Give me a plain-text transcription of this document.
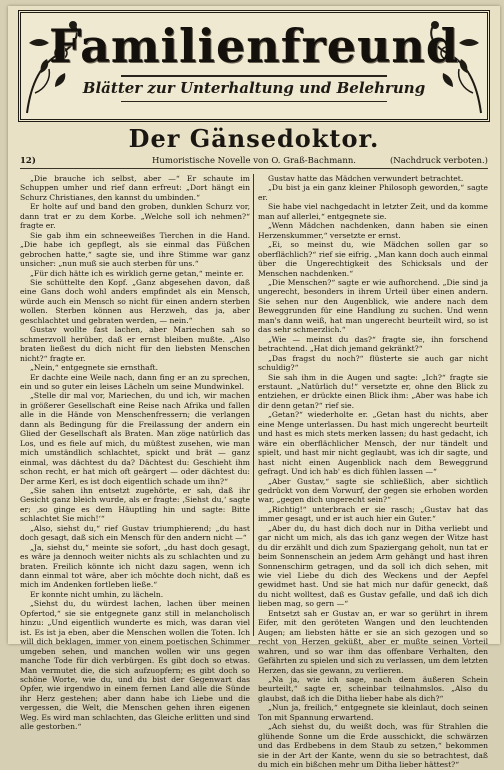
Familienfreund
Blätter zur Unterhaltung und Belehrung
Der Gänsedoktor.
12)	Humoristische Novelle von O. Graß-Bachmann.	(Nachdruck verboten.)

„Die brauche ich selbst, aber —“ Er schaute im Schuppen umher und rief dann erfreut: „Dort hängt ein Schurz Christianes, den kannst du umbinden.“

Er holte auf und band den groben, dunklen Schurz vor, dann trat er zu dem Korbe. „Welche soll ich nehmen?“ fragte er.

Sie gab ihm ein schneeweißes Tierchen in die Hand. „Die habe ich gepflegt, als sie einmal das Füßchen gebrochen hatte,“ sagte sie, und ihre Stimme war ganz unsicher: „nun muß sie auch sterben für uns.“

„Für dich hätte ich es wirklich gerne getan,“ meinte er.

Sie schüttelte den Kopf. „Ganz abgesehen davon, daß eine Gans doch wohl anders empfindet als ein Mensch, würde auch ein Mensch so nicht für einen andern sterben wollen. Sterben können aus Herzweh, das ja, aber geschlachtet und gebraten werden, — nein.“

Gustav wollte fast lachen, aber Mariechen sah so schmerzvoll herüber, daß er ernst bleiben mußte. „Also braten ließest du dich nicht für den liebsten Menschen nicht?“ fragte er.

„Nein,“ entgegnete sie ernsthaft.

Er dachte eine Weile nach, dann fing er an zu sprechen, ein und so guter ein leises Lächeln um seine Mundwinkel.

„Stelle dir mal vor, Mariechen, du und ich, wir machen in größerer Gesellschaft eine Reise nach Afrika und fallen alle in die Hände von Menschenfressern; die verlangen dann als Bedingung für die Freilassung der andern ein Glied der Gesellschaft als Braten. Man zöge natürlich das Los, und es fiele auf mich, du müßtest zusehen, wie man mich umständlich schlachtet, spickt und brät — ganz einmal, was dächtest du da? Dächtest du: Geschieht ihm schon recht, er hat mich oft geärgert — oder dächtest du: Der arme Kerl, es ist doch eigentlich schade um ihn?“

„Sie sahen ihn entsetzt zugehörte, er sah, daß ihr Gesicht ganz bleich wurde, als er fragte: ‚Siehst du,‘ sagte er; ‚so ginge es dem Häuptling hin und sagte: Bitte schlachtet Sie mich!‘“

„Also, siehst du,“ rief Gustav triumphierend; „du hast doch gesagt, daß sich ein Mensch für den andern nicht —“

„Ja, siehst du,“ meinte sie sofort, „du hast doch gesagt, es wäre ja dennoch weiter nichts als zu schlachten und zu braten. Freilich könnte ich nicht dazu sagen, wenn ich dann einmal tot wäre, aber ich möchte doch nicht, daß es mich im Andenken fortleben ließe.“

Er konnte nicht umhin, zu lächeln.

„Siehst du, du würdest lachen, lachen über meinen Opfertod,“ sie sie entgegnete ganz still in melancholisch hinzu: „Und eigentlich wunderte es mich, was daran viel ist. Es ist ja eben, aber die Menschen wollen die Toten. Ich will dich beklagen, immer von einem poetischen Schimmer umgeben sehen, und manchen wollen wir uns gegen manche Tode für dich verbürgen. Es gibt doch so etwas. Man vermutet die, die sich aufzuopfern; es gibt doch so schöne Worte, wie du, und du bist der Gegenwart das Opfer, wie irgendwo in einem fernen Land alle die Sünde ihr Herz gestehen; aber dann habe ich Liebe und die vergessen, die Welt, die Menschen gehen ihren eigenen Weg. Es wird man schlachten, das Gleiche erlitten und sind alle gestorben.“

Gustav hatte das Mädchen verwundert betrachtet.

„Du bist ja ein ganz kleiner Philosoph geworden,“ sagte er.

Sie habe viel nachgedacht in letzter Zeit, und da komme man auf allerlei,“ entgegnete sie.

„Wenn Mädchen nachdenken, dann haben sie einen Herzenskummer,“ versetzte er ernst.

„Ei, so meinst du, wie Mädchen sollen gar so oberflächlich?“ rief sie eifrig. „Man kann doch auch einmal über die Ungerechtigkeit des Schicksals und der Menschen nachdenken.“

„Die Menschen?“ sagte er wie aufhorchend. „Die sind ja ungerecht, besonders in ihrem Urteil über einen andern. Sie sehen nur den Augenblick, wie andere nach dem Beweggrunden für eine Handlung zu suchen. Und wenn man's dann weiß, hat man ungerecht beurteilt wird, so ist das sehr schmerzlich.“

„Wie — meinst du das?“ fragte sie, ihn forschend betrachtend. „Hat dich jemand gekränkt?“

„Das fragst du noch?“ flüsterte sie auch gar nicht schuldig?“

Sie sah ihm in die Augen und sagte: „Ich?“ fragte sie erstaunt. „Natürlich du!“ versetzte er, ohne den Blick zu entziehen, er drückte einen Blick ihm: „Aber was habe ich dir denn getan?“ rief sie.

„Getan?“ wiederholte er. „Getan hast du nichts, aber eine Menge unterlassen. Du hast mich ungerecht beurteilt und hast es mich stets merken lassen; du hast gedacht, ich wäre ein oberflächlicher Mensch, der nur tändelt und spielt, und hast mir nicht geglaubt, was ich dir sagte, und hast nicht einen Augenblick nach dem Beweggrund gefragt. Und ich hab' es dich fühlen lassen —“

„Aber Gustav,“ sagte sie schließlich, aber sichtlich gedrückt von dem Vorwurf, der gegen sie erhoben worden war, „gegen dich ungerecht sein?“

„Richtig!“ unterbrach er sie rasch; „Gustav hat das immer gesagt, und er ist auch hier ein Guter.“

„Aber du, du hast dich doch nur in Ditha verliebt und gar nicht um mich, als das ich ganz wegen der Witze hast du dir erzählt und dich zum Spaziergang geholt, nun tat er beim Sonnenschein an jedem Arm gehängt und hast ihren Sonnenschirm getragen, und da soll ich dich sehen, mit wie viel Liebe du dich des Weckens und der Aepfel gewidmet hast. Und sie hat mich nur dafür geneckt, daß du nicht wolltest, daß es Gustav gefalle, und daß ich dich lieben mag, so gern —“

Entsetzt sah er Gustav an, er war so gerührt in ihrem Eifer, mit den geröteten Wangen und den leuchtenden Augen; am liebsten hätte er sie an sich gezogen und so recht von Herzen geküßt, aber er mußte seinen Vorteil wahren, und so war ihm das offenbare Verhalten, den Gefährten zu spielen und sich zu verlassen, um dem letzten Herzen, das sie gewann, zu verlieren.

„Na ja, wie ich sage, nach dem äußeren Schein beurteilt,“ sagte er, scheinbar teilnahmslos. „Also du glaubst, daß ich die Ditha lieber habe als dich?“

„Nun ja, freilich,“ entgegnete sie kleinlaut, doch seinen Ton mit Spannung erwartend.

„Ach siehst du, du weißt doch, was für Strahlen die glühende Sonne um die Erde ausschickt, die schwärzen und das Erdbebens in dem Staub zu setzen,“ bekommen sie in der Art der Kante, wenn du sie so betrachtest, daß du mich ein bißchen mehr um Ditha lieber hättest?“
